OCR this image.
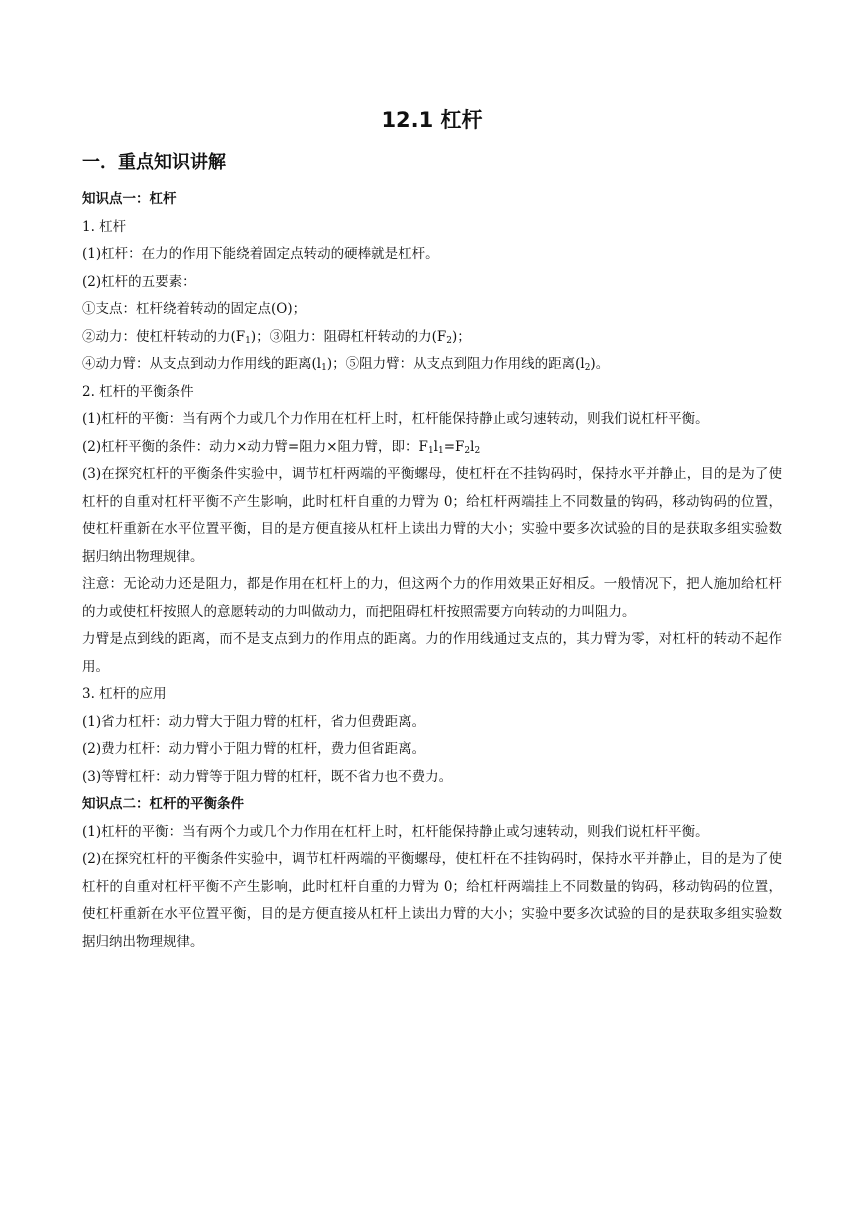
12.1 杠杆
一．重点知识讲解

知识点一：杠杆

1. 杠杆

(1)杠杆：在力的作用下能绕着固定点转动的硬棒就是杠杆。

(2)杠杆的五要素：

①支点：杠杆绕着转动的固定点(O)；

②动力：使杠杆转动的力$(F_1)$；③阻力：阻碍杠杆转动的力$(F_2)$；

④动力臂：从支点到动力作用线的距离$(l_1)$；⑤阻力臂：从支点到阻力作用线的距离$(l_2)$。

2. 杠杆的平衡条件

(1)杠杆的平衡：当有两个力或几个力作用在杠杆上时，杠杆能保持静止或匀速转动，则我们说杠杆平衡。

(2)杠杆平衡的条件：动力×动力臂=阻力×阻力臂，即：$F_1l_1=F_2l_2$

(3)在探究杠杆的平衡条件实验中，调节杠杆两端的平衡螺母，使杠杆在不挂钩码时，保持水平并静止，目的是为了使杠杆的自重对杠杆平衡不产生影响，此时杠杆自重的力臂为 0；给杠杆两端挂上不同数量的钩码，移动钩码的位置，使杠杆重新在水平位置平衡，目的是方便直接从杠杆上读出力臂的大小；实验中要多次试验的目的是获取多组实验数据归纳出物理规律。

注意：无论动力还是阻力，都是作用在杠杆上的力，但这两个力的作用效果正好相反。一般情况下，把人施加给杠杆的力或使杠杆按照人的意愿转动的力叫做动力，而把阻碍杠杆按照需要方向转动的力叫阻力。

力臂是点到线的距离，而不是支点到力的作用点的距离。力的作用线通过支点的，其力臂为零，对杠杆的转动不起作用。

3. 杠杆的应用

(1)省力杠杆：动力臂大于阻力臂的杠杆，省力但费距离。

(2)费力杠杆：动力臂小于阻力臂的杠杆，费力但省距离。

(3)等臂杠杆：动力臂等于阻力臂的杠杆，既不省力也不费力。

知识点二：杠杆的平衡条件

(1)杠杆的平衡：当有两个力或几个力作用在杠杆上时，杠杆能保持静止或匀速转动，则我们说杠杆平衡。

(2)在探究杠杆的平衡条件实验中，调节杠杆两端的平衡螺母，使杠杆在不挂钩码时，保持水平并静止，目的是为了使杠杆的自重对杠杆平衡不产生影响，此时杠杆自重的力臂为 0；给杠杆两端挂上不同数量的钩码，移动钩码的位置，使杠杆重新在水平位置平衡，目的是方便直接从杠杆上读出力臂的大小；实验中要多次试验的目的是获取多组实验数据归纳出物理规律。
